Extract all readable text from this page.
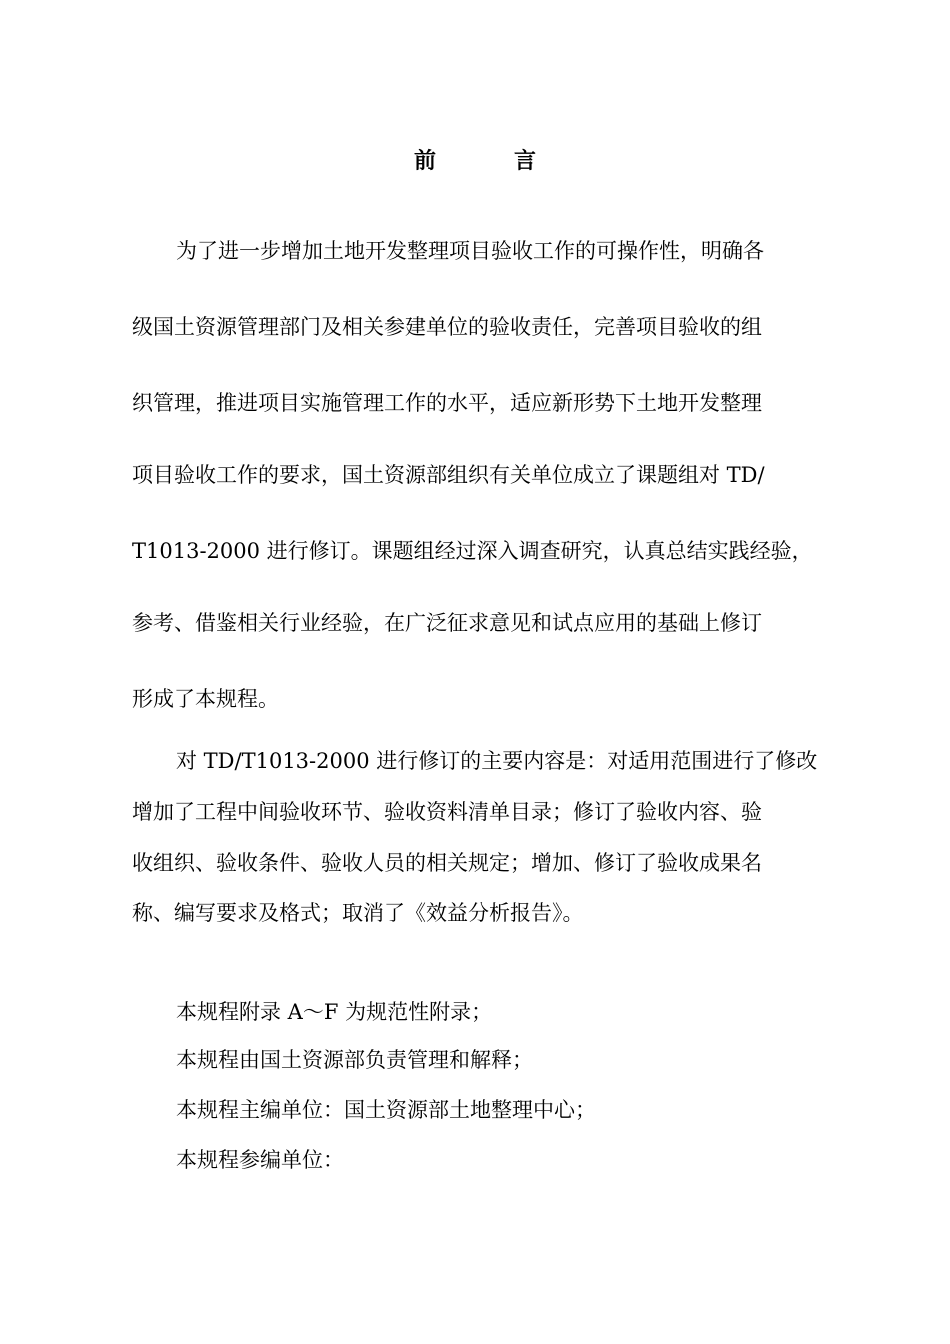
前　言
为了进一步增加土地开发整理项目验收工作的可操作性，明确各
级国土资源管理部门及相关参建单位的验收责任，完善项目验收的组
织管理，推进项目实施管理工作的水平，适应新形势下土地开发整理
项目验收工作的要求，国土资源部组织有关单位成立了课题组对 TD/
T1013-2000 进行修订。课题组经过深入调查研究，认真总结实践经验，
参考、借鉴相关行业经验，在广泛征求意见和试点应用的基础上修订
形成了本规程。
对 TD/T1013-2000 进行修订的主要内容是：对适用范围进行了修改
增加了工程中间验收环节、验收资料清单目录；修订了验收内容、验
收组织、验收条件、验收人员的相关规定；增加、修订了验收成果名
称、编写要求及格式；取消了《效益分析报告》。
本规程附录 A～F 为规范性附录；
本规程由国土资源部负责管理和解释；
本规程主编单位：国土资源部土地整理中心；
本规程参编单位：
